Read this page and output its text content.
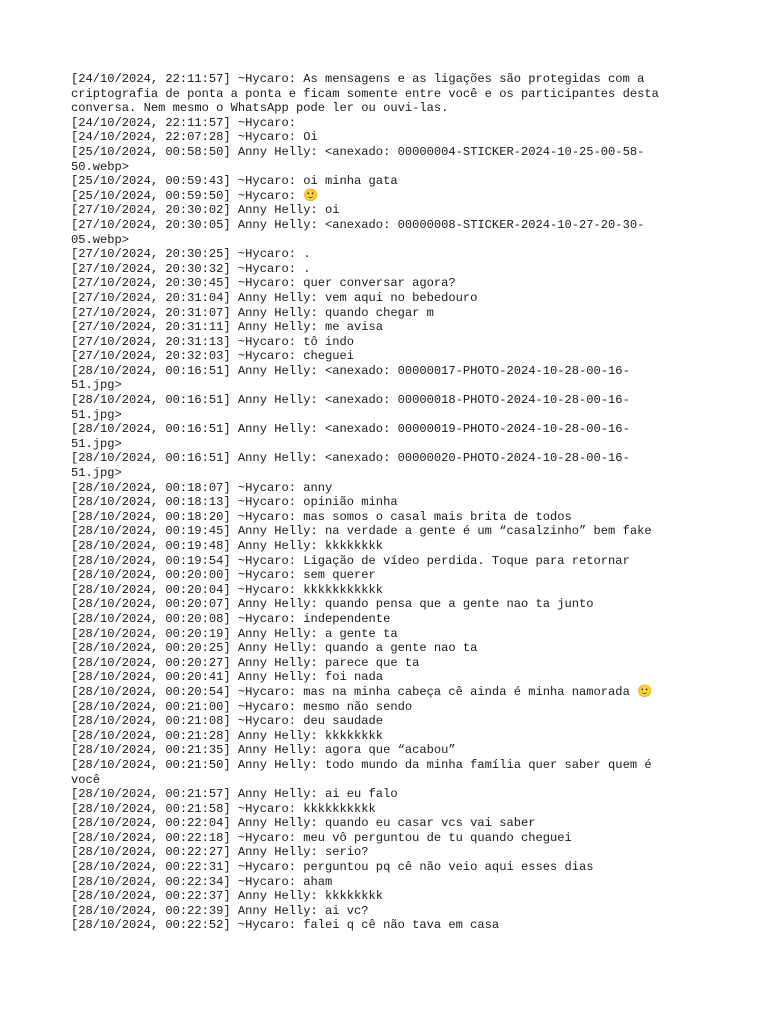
[24/10/2024, 22:11:57] ~Hycaro: As mensagens e as ligações são protegidas com a
criptografia de ponta a ponta e ficam somente entre você e os participantes desta
conversa. Nem mesmo o WhatsApp pode ler ou ouvi-las.
[24/10/2024, 22:11:57] ~Hycaro:
[24/10/2024, 22:07:28] ~Hycaro: Oi
[25/10/2024, 00:58:50] Anny Helly: <anexado: 00000004-STICKER-2024-10-25-00-58-
50.webp>
[25/10/2024, 00:59:43] ~Hycaro: oi minha gata
[25/10/2024, 00:59:50] ~Hycaro: 🙂
[27/10/2024, 20:30:02] Anny Helly: oi
[27/10/2024, 20:30:05] Anny Helly: <anexado: 00000008-STICKER-2024-10-27-20-30-
05.webp>
[27/10/2024, 20:30:25] ~Hycaro: .
[27/10/2024, 20:30:32] ~Hycaro: .
[27/10/2024, 20:30:45] ~Hycaro: quer conversar agora?
[27/10/2024, 20:31:04] Anny Helly: vem aqui no bebedouro
[27/10/2024, 20:31:07] Anny Helly: quando chegar m
[27/10/2024, 20:31:11] Anny Helly: me avisa
[27/10/2024, 20:31:13] ~Hycaro: tô indo
[27/10/2024, 20:32:03] ~Hycaro: cheguei
[28/10/2024, 00:16:51] Anny Helly: <anexado: 00000017-PHOTO-2024-10-28-00-16-
51.jpg>
[28/10/2024, 00:16:51] Anny Helly: <anexado: 00000018-PHOTO-2024-10-28-00-16-
51.jpg>
[28/10/2024, 00:16:51] Anny Helly: <anexado: 00000019-PHOTO-2024-10-28-00-16-
51.jpg>
[28/10/2024, 00:16:51] Anny Helly: <anexado: 00000020-PHOTO-2024-10-28-00-16-
51.jpg>
[28/10/2024, 00:18:07] ~Hycaro: anny
[28/10/2024, 00:18:13] ~Hycaro: opinião minha
[28/10/2024, 00:18:20] ~Hycaro: mas somos o casal mais brita de todos
[28/10/2024, 00:19:45] Anny Helly: na verdade a gente é um “casalzinho” bem fake
[28/10/2024, 00:19:48] Anny Helly: kkkkkkkk
[28/10/2024, 00:19:54] ~Hycaro: Ligação de vídeo perdida. Toque para retornar
[28/10/2024, 00:20:00] ~Hycaro: sem querer
[28/10/2024, 00:20:04] ~Hycaro: kkkkkkkkkkk
[28/10/2024, 00:20:07] Anny Helly: quando pensa que a gente nao ta junto
[28/10/2024, 00:20:08] ~Hycaro: independente
[28/10/2024, 00:20:19] Anny Helly: a gente ta
[28/10/2024, 00:20:25] Anny Helly: quando a gente nao ta
[28/10/2024, 00:20:27] Anny Helly: parece que ta
[28/10/2024, 00:20:41] Anny Helly: foi nada
[28/10/2024, 00:20:54] ~Hycaro: mas na minha cabeça cê ainda é minha namorada 🙂
[28/10/2024, 00:21:00] ~Hycaro: mesmo não sendo
[28/10/2024, 00:21:08] ~Hycaro: deu saudade
[28/10/2024, 00:21:28] Anny Helly: kkkkkkkk
[28/10/2024, 00:21:35] Anny Helly: agora que “acabou”
[28/10/2024, 00:21:50] Anny Helly: todo mundo da minha família quer saber quem é
você
[28/10/2024, 00:21:57] Anny Helly: ai eu falo
[28/10/2024, 00:21:58] ~Hycaro: kkkkkkkkkk
[28/10/2024, 00:22:04] Anny Helly: quando eu casar vcs vai saber
[28/10/2024, 00:22:18] ~Hycaro: meu vô perguntou de tu quando cheguei
[28/10/2024, 00:22:27] Anny Helly: serio?
[28/10/2024, 00:22:31] ~Hycaro: perguntou pq cê não veio aqui esses dias
[28/10/2024, 00:22:34] ~Hycaro: aham
[28/10/2024, 00:22:37] Anny Helly: kkkkkkkk
[28/10/2024, 00:22:39] Anny Helly: ai vc?
[28/10/2024, 00:22:52] ~Hycaro: falei q cê não tava em casa
